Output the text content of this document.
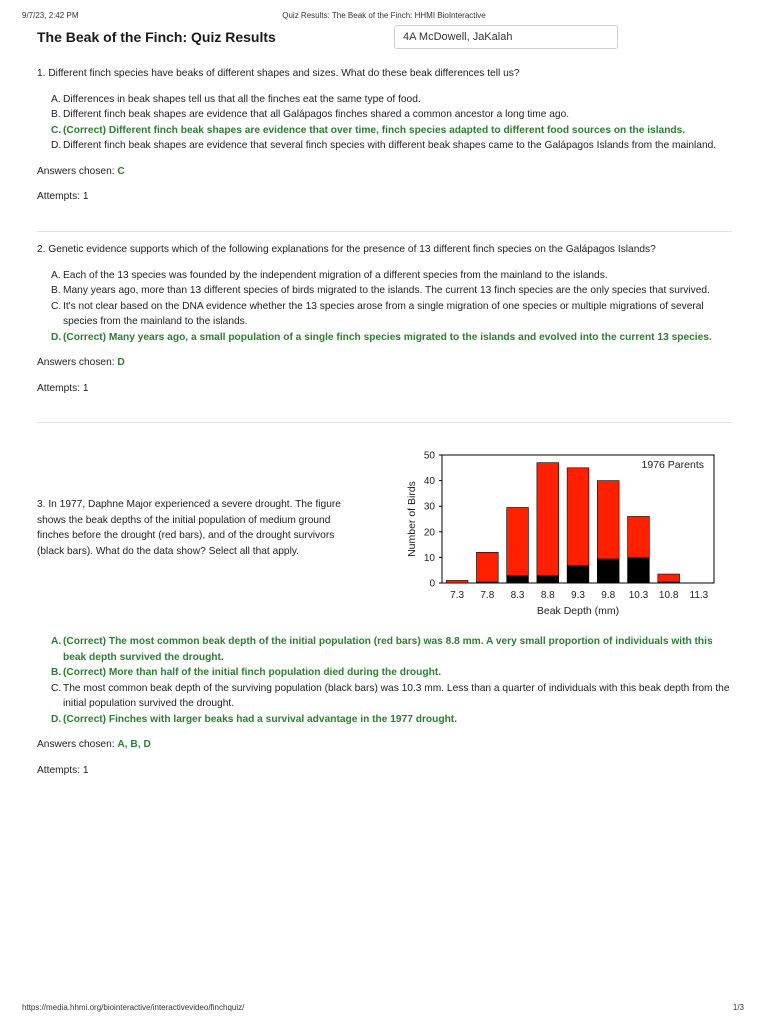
9/7/23, 2:42 PM	Quiz Results: The Beak of the Finch: HHMI BioInteractive
https://media.hhmi.org/biointeractive/interactivevideo/finchquiz/	1/3
The Beak of the Finch: Quiz Results	4A McDowell, JaKalah

1. Different finch species have beaks of different shapes and sizes. What do these beak differences tell us?

A. Differences in beak shapes tell us that all the finches eat the same type of food.
B. Different finch beak shapes are evidence that all Galápagos finches shared a common ancestor a long time ago.
C. (Correct) Different finch beak shapes are evidence that over time, finch species adapted to different food sources on the islands.
D. Different finch beak shapes are evidence that several finch species with different beak shapes came to the Galápagos Islands from the mainland.

Answers chosen: C

Attempts: 1

2. Genetic evidence supports which of the following explanations for the presence of 13 different finch species on the Galápagos Islands?

A. Each of the 13 species was founded by the independent migration of a different species from the mainland to the islands.
B. Many years ago, more than 13 different species of birds migrated to the islands. The current 13 finch species are the only species that survived.
C. It's not clear based on the DNA evidence whether the 13 species arose from a single migration of one species or multiple migrations of several species from the mainland to the islands.
D. (Correct) Many years ago, a small population of a single finch species migrated to the islands and evolved into the current 13 species.

Answers chosen: D

Attempts: 1

3. In 1977, Daphne Major experienced a severe drought. The figure shows the beak depths of the initial population of medium ground finches before the drought (red bars), and of the drought survivors (black bars). What do the data show? Select all that apply.

0
10
20
30
40
50
7.3 7.8 8.3 8.8 9.3 9.8 10.3 10.8 11.3
1976 Parents
Beak Depth (mm)
Number of Birds
A. (Correct) The most common beak depth of the initial population (red bars) was 8.8 mm. A very small proportion of individuals with this beak depth survived the drought.
B. (Correct) More than half of the initial finch population died during the drought.
C. The most common beak depth of the surviving population (black bars) was 10.3 mm. Less than a quarter of individuals with this beak depth from the initial population survived the drought.
D. (Correct) Finches with larger beaks had a survival advantage in the 1977 drought.

Answers chosen: A, B, D

Attempts: 1
